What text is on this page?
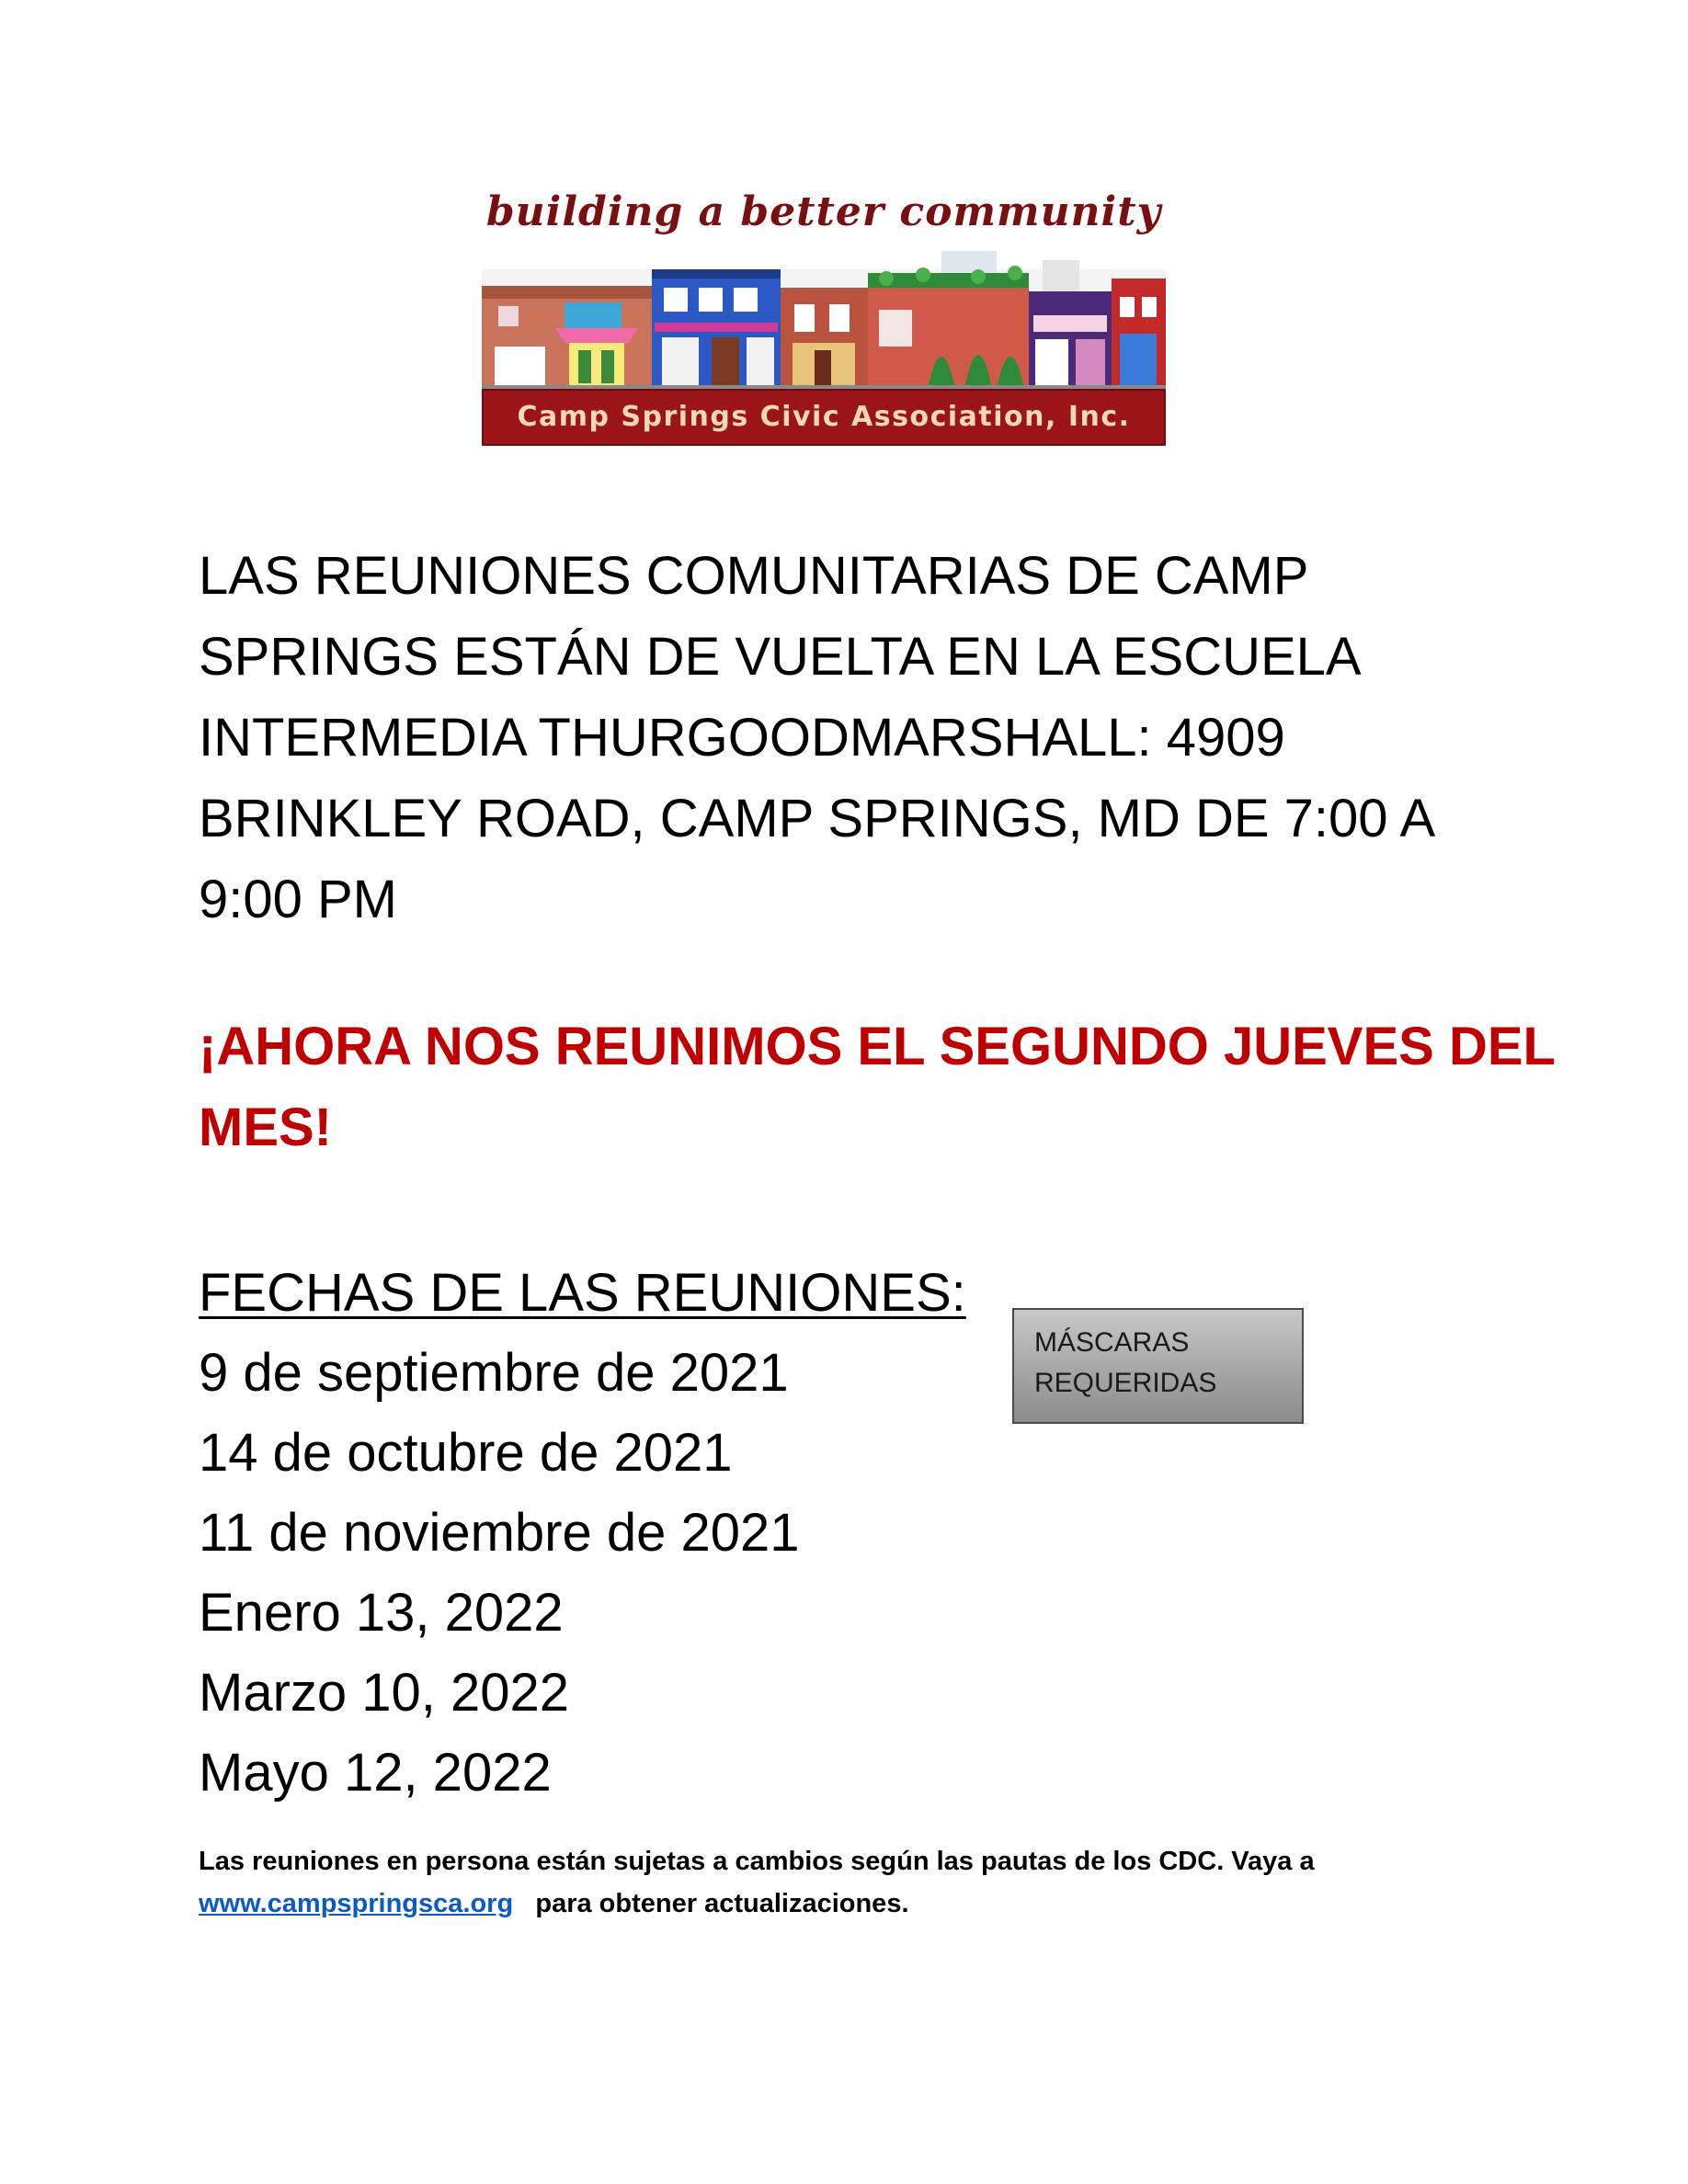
building a better community
Camp Springs Civic Association, Inc.

LAS REUNIONES COMUNITARIAS DE CAMP SPRINGS ESTÁN DE VUELTA EN LA ESCUELA INTERMEDIA THURGOODMARSHALL: 4909 BRINKLEY ROAD, CAMP SPRINGS, MD DE 7:00 A 9:00 PM

¡AHORA NOS REUNIMOS EL SEGUNDO JUEVES DEL MES!

FECHAS DE LAS REUNIONES:

9 de septiembre de 2021
14 de octubre de 2021
11 de noviembre de 2021
Enero 13, 2022
Marzo 10, 2022
Mayo 12, 2022
MÁSCARAS
REQUERIDAS

Las reuniones en persona están sujetas a cambios según las pautas de los CDC. Vaya a
www.campspringsca.org para obtener actualizaciones.
